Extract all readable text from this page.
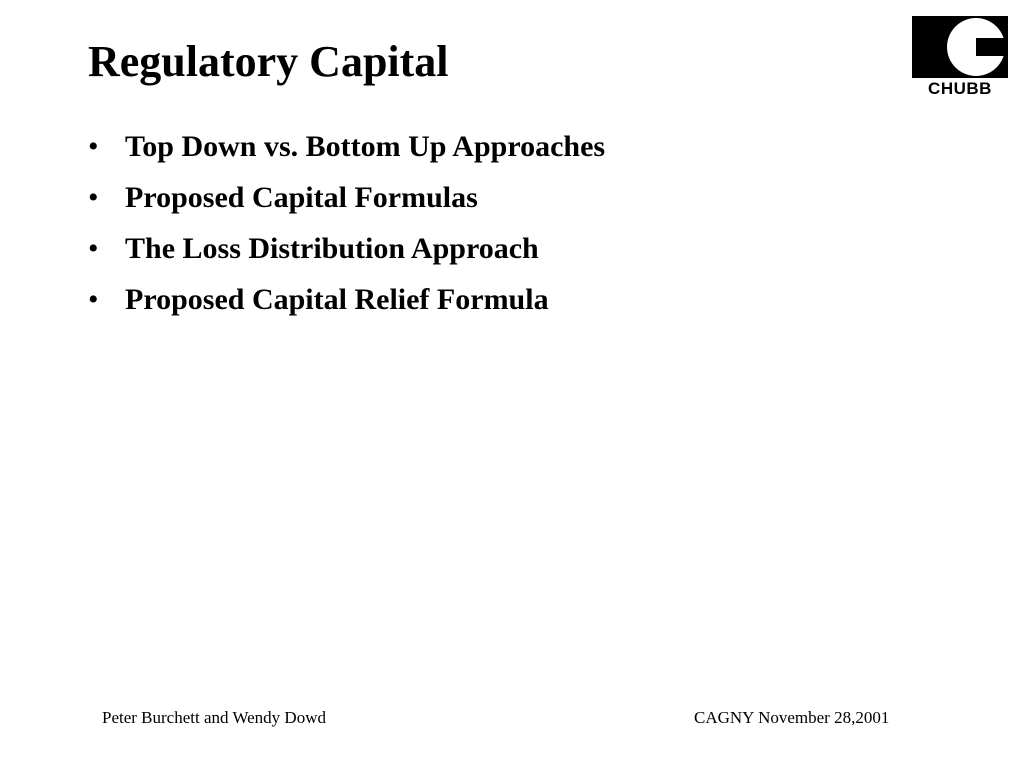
Regulatory Capital
CHUBB
• Top Down vs. Bottom Up Approaches
• Proposed Capital Formulas
• The Loss Distribution Approach
• Proposed Capital Relief Formula
Peter Burchett and Wendy Dowd	CAGNY November 28,2001
